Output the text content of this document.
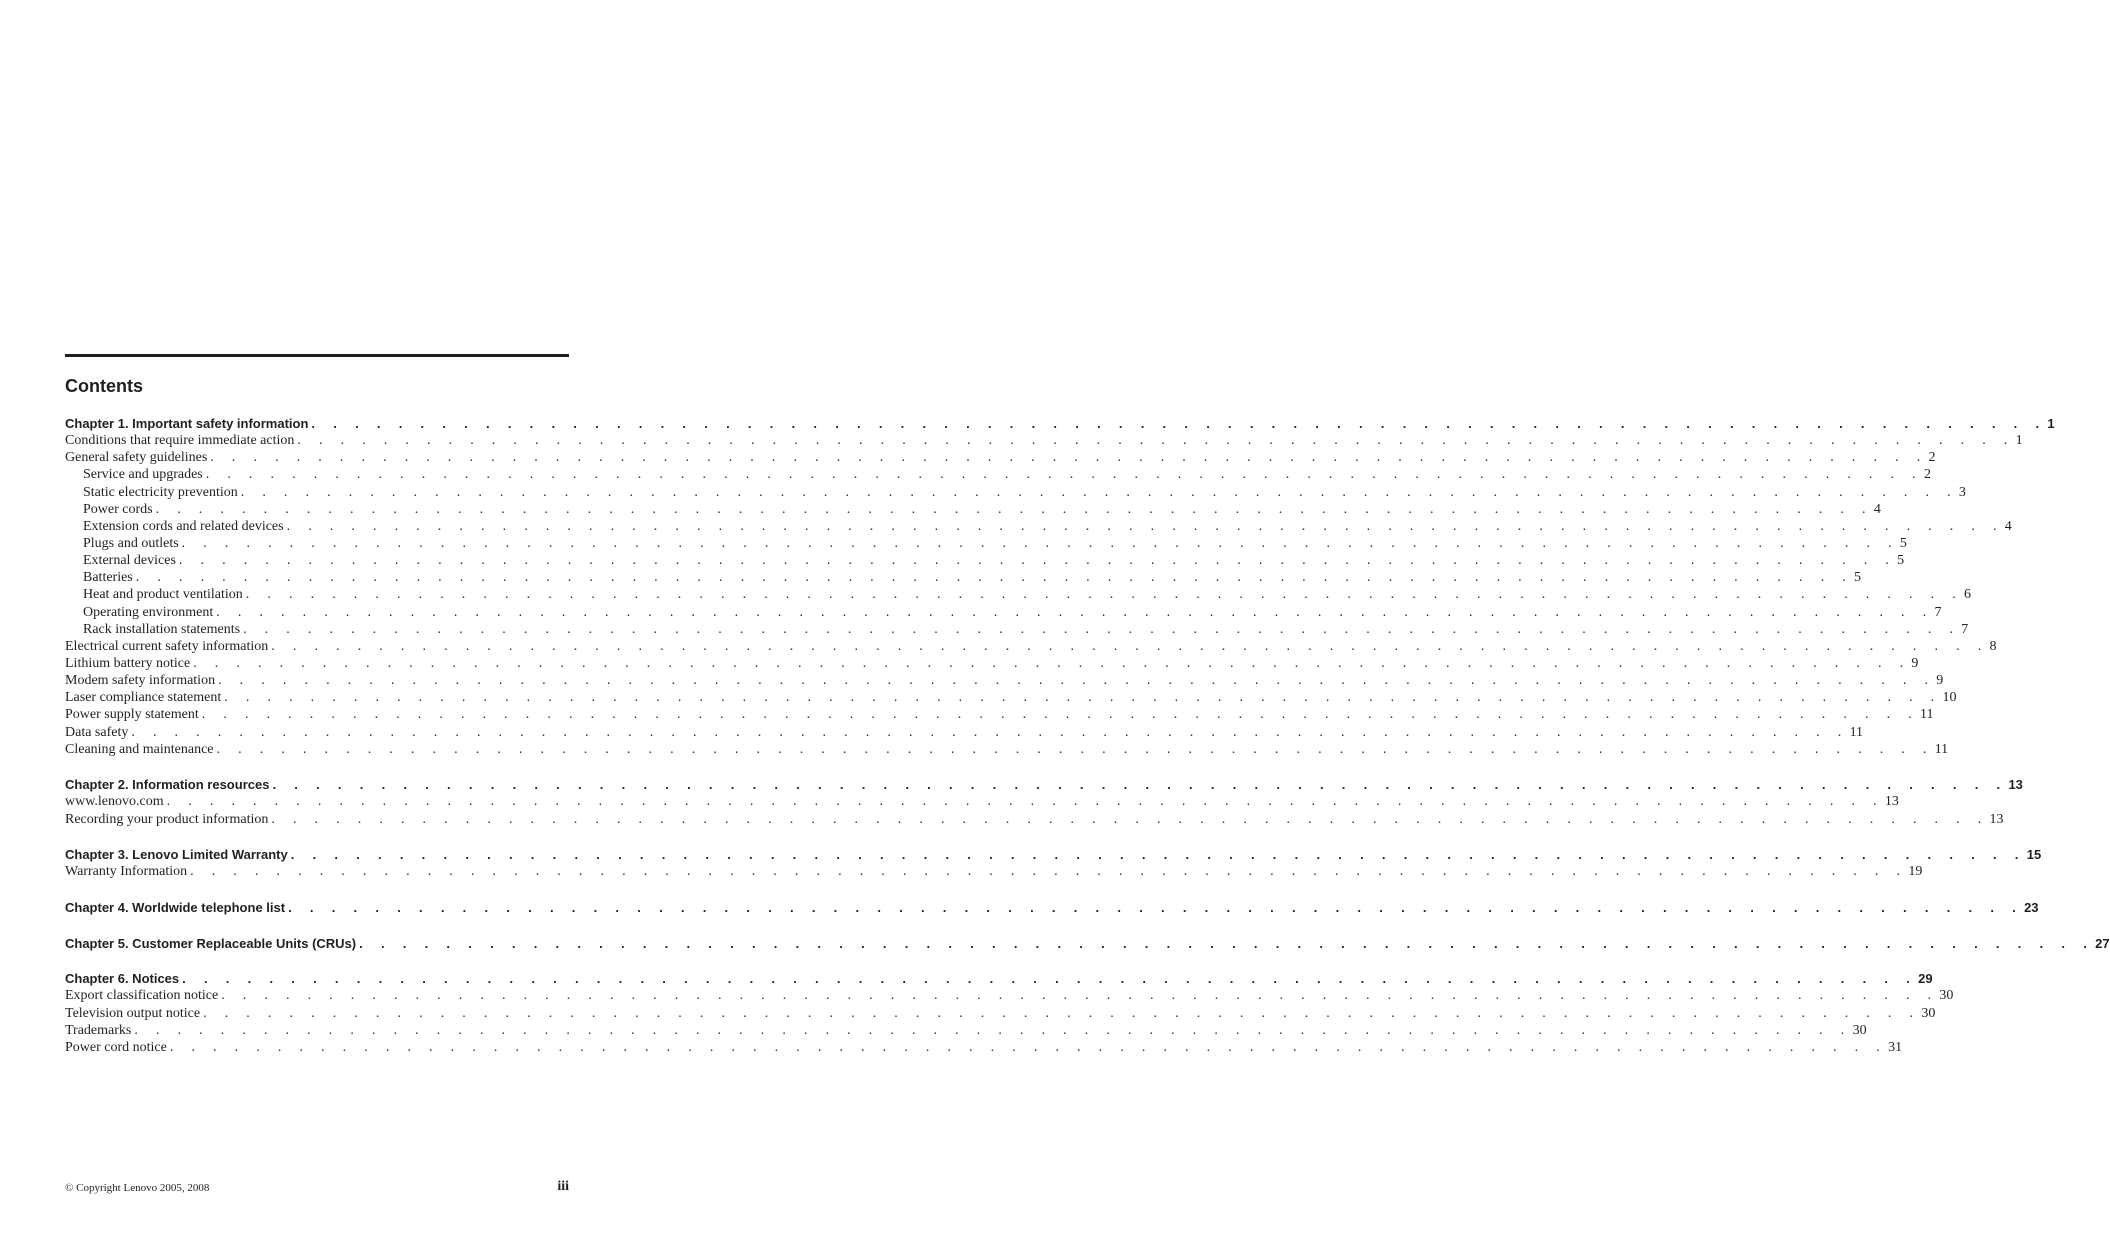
Contents
Chapter 1. Important safety information . . . . . . . . . . . . . . . . . . . . . . . . . . . . . . . . . . . . . . . . . . . . . . . . . . . . . . . . . . . . . . . . . . . . . . . . . . . . . . . . 1
Conditions that require immediate action . . . . . . . . . . . . . . . . . . . . . . . . . . . . . . . . . . . . . . . . . . . . . . . . . . . . . . . . . . . . . . . . . . . . . . . . . . . . . . . . 1
General safety guidelines . . . . . . . . . . . . . . . . . . . . . . . . . . . . . . . . . . . . . . . . . . . . . . . . . . . . . . . . . . . . . . . . . . . . . . . . . . . . . . . . 2
Service and upgrades . . . . . . . . . . . . . . . . . . . . . . . . . . . . . . . . . . . . . . . . . . . . . . . . . . . . . . . . . . . . . . . . . . . . . . . . . . . . . . . . 2
Static electricity prevention . . . . . . . . . . . . . . . . . . . . . . . . . . . . . . . . . . . . . . . . . . . . . . . . . . . . . . . . . . . . . . . . . . . . . . . . . . . . . . . . 3
Power cords . . . . . . . . . . . . . . . . . . . . . . . . . . . . . . . . . . . . . . . . . . . . . . . . . . . . . . . . . . . . . . . . . . . . . . . . . . . . . . . . 4
Extension cords and related devices . . . . . . . . . . . . . . . . . . . . . . . . . . . . . . . . . . . . . . . . . . . . . . . . . . . . . . . . . . . . . . . . . . . . . . . . . . . . . . . . 4
Plugs and outlets . . . . . . . . . . . . . . . . . . . . . . . . . . . . . . . . . . . . . . . . . . . . . . . . . . . . . . . . . . . . . . . . . . . . . . . . . . . . . . . . 5
External devices . . . . . . . . . . . . . . . . . . . . . . . . . . . . . . . . . . . . . . . . . . . . . . . . . . . . . . . . . . . . . . . . . . . . . . . . . . . . . . . . 5
Batteries . . . . . . . . . . . . . . . . . . . . . . . . . . . . . . . . . . . . . . . . . . . . . . . . . . . . . . . . . . . . . . . . . . . . . . . . . . . . . . . . 5
Heat and product ventilation . . . . . . . . . . . . . . . . . . . . . . . . . . . . . . . . . . . . . . . . . . . . . . . . . . . . . . . . . . . . . . . . . . . . . . . . . . . . . . . . 6
Operating environment . . . . . . . . . . . . . . . . . . . . . . . . . . . . . . . . . . . . . . . . . . . . . . . . . . . . . . . . . . . . . . . . . . . . . . . . . . . . . . . . 7
Rack installation statements . . . . . . . . . . . . . . . . . . . . . . . . . . . . . . . . . . . . . . . . . . . . . . . . . . . . . . . . . . . . . . . . . . . . . . . . . . . . . . . . 7
Electrical current safety information . . . . . . . . . . . . . . . . . . . . . . . . . . . . . . . . . . . . . . . . . . . . . . . . . . . . . . . . . . . . . . . . . . . . . . . . . . . . . . . . 8
Lithium battery notice . . . . . . . . . . . . . . . . . . . . . . . . . . . . . . . . . . . . . . . . . . . . . . . . . . . . . . . . . . . . . . . . . . . . . . . . . . . . . . . . 9
Modem safety information . . . . . . . . . . . . . . . . . . . . . . . . . . . . . . . . . . . . . . . . . . . . . . . . . . . . . . . . . . . . . . . . . . . . . . . . . . . . . . . . 9
Laser compliance statement . . . . . . . . . . . . . . . . . . . . . . . . . . . . . . . . . . . . . . . . . . . . . . . . . . . . . . . . . . . . . . . . . . . . . . . . . . . . . . . . 10
Power supply statement . . . . . . . . . . . . . . . . . . . . . . . . . . . . . . . . . . . . . . . . . . . . . . . . . . . . . . . . . . . . . . . . . . . . . . . . . . . . . . . . 11
Data safety . . . . . . . . . . . . . . . . . . . . . . . . . . . . . . . . . . . . . . . . . . . . . . . . . . . . . . . . . . . . . . . . . . . . . . . . . . . . . . . . 11
Cleaning and maintenance . . . . . . . . . . . . . . . . . . . . . . . . . . . . . . . . . . . . . . . . . . . . . . . . . . . . . . . . . . . . . . . . . . . . . . . . . . . . . . . . 11
Chapter 2. Information resources . . . . . . . . . . . . . . . . . . . . . . . . . . . . . . . . . . . . . . . . . . . . . . . . . . . . . . . . . . . . . . . . . . . . . . . . . . . . . . . . 13
www.lenovo.com . . . . . . . . . . . . . . . . . . . . . . . . . . . . . . . . . . . . . . . . . . . . . . . . . . . . . . . . . . . . . . . . . . . . . . . . . . . . . . . . 13
Recording your product information . . . . . . . . . . . . . . . . . . . . . . . . . . . . . . . . . . . . . . . . . . . . . . . . . . . . . . . . . . . . . . . . . . . . . . . . . . . . . . . . 13
Chapter 3. Lenovo Limited Warranty . . . . . . . . . . . . . . . . . . . . . . . . . . . . . . . . . . . . . . . . . . . . . . . . . . . . . . . . . . . . . . . . . . . . . . . . . . . . . . . . 15
Warranty Information . . . . . . . . . . . . . . . . . . . . . . . . . . . . . . . . . . . . . . . . . . . . . . . . . . . . . . . . . . . . . . . . . . . . . . . . . . . . . . . . 19
Chapter 4. Worldwide telephone list . . . . . . . . . . . . . . . . . . . . . . . . . . . . . . . . . . . . . . . . . . . . . . . . . . . . . . . . . . . . . . . . . . . . . . . . . . . . . . . . 23
Chapter 5. Customer Replaceable Units (CRUs) . . . . . . . . . . . . . . . . . . . . . . . . . . . . . . . . . . . . . . . . . . . . . . . . . . . . . . . . . . . . . . . . . . . . . . . . . . . . . . . . 27
Chapter 6. Notices . . . . . . . . . . . . . . . . . . . . . . . . . . . . . . . . . . . . . . . . . . . . . . . . . . . . . . . . . . . . . . . . . . . . . . . . . . . . . . . . 29
Export classification notice . . . . . . . . . . . . . . . . . . . . . . . . . . . . . . . . . . . . . . . . . . . . . . . . . . . . . . . . . . . . . . . . . . . . . . . . . . . . . . . . 30
Television output notice . . . . . . . . . . . . . . . . . . . . . . . . . . . . . . . . . . . . . . . . . . . . . . . . . . . . . . . . . . . . . . . . . . . . . . . . . . . . . . . . 30
Trademarks . . . . . . . . . . . . . . . . . . . . . . . . . . . . . . . . . . . . . . . . . . . . . . . . . . . . . . . . . . . . . . . . . . . . . . . . . . . . . . . . 30
Power cord notice . . . . . . . . . . . . . . . . . . . . . . . . . . . . . . . . . . . . . . . . . . . . . . . . . . . . . . . . . . . . . . . . . . . . . . . . . . . . . . . . 31
© Copyright Lenovo 2005, 2008	iii
